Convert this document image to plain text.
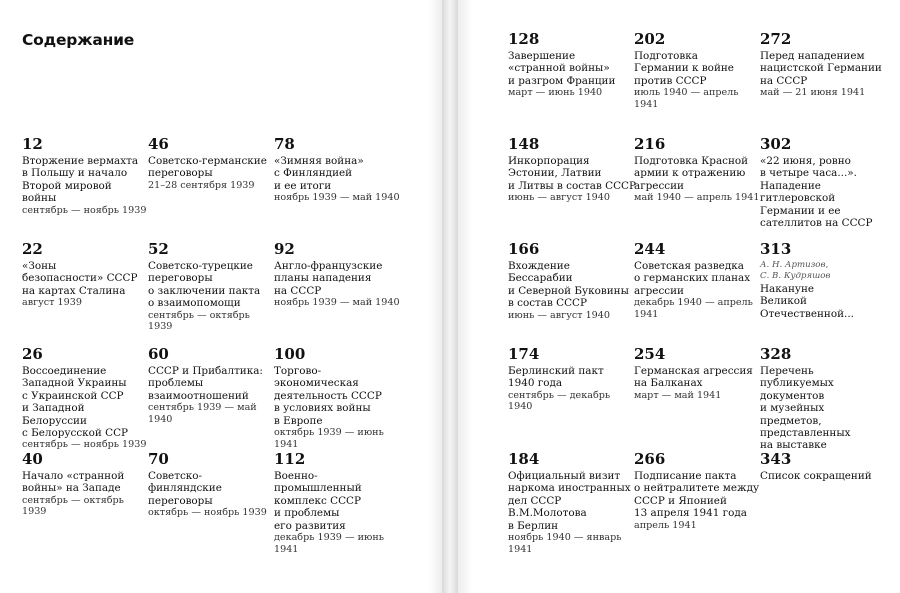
Содержание
12
Вторжение вермахта
в Польшу и начало
Второй мировой
войны
сентябрь — ноябрь 1939
46
Советско-германские
переговоры
21–28 сентября 1939
78
«Зимняя война»
с Финляндией
и ее итоги
ноябрь 1939 — май 1940
22
«Зоны
безопасности» СССР
на картах Сталина
август 1939
52
Советско-турецкие
переговоры
о заключении пакта
о взаимопомощи
сентябрь — октябрь
1939
92
Англо-французские
планы нападения
на СССР
ноябрь 1939 — май 1940
26
Воссоединение
Западной Украины
с Украинской ССР
и Западной Белоруссии
с Белорусской ССР
сентябрь — ноябрь 1939
60
СССР и Прибалтика:
проблемы
взаимоотношений
сентябрь 1939 — май
1940
100
Торгово-
экономическая
деятельность СССР
в условиях войны
в Европе
октябрь 1939 — июнь
1941
40
Начало «странной
войны» на Западе
сентябрь — октябрь
1939
70
Советско-
финляндские
переговоры
октябрь — ноябрь 1939
112
Военно-промышленный
комплекс СССР
и проблемы
его развития
декабрь 1939 — июнь 1941
128
Завершение
«странной войны»
и разгром Франции
март — июнь 1940
202
Подготовка
Германии к войне
против СССР
июль 1940 — апрель 1941
272
Перед нападением
нацистской Германии
на СССР
май — 21 июня 1941
148
Инкорпорация
Эстонии, Латвии
и Литвы в состав СССР
июнь — август 1940
216
Подготовка Красной
армии к отражению
агрессии
май 1940 — апрель 1941
302
«22 июня, ровно
в четыре часа...».
Нападение
гитлеровской
Германии и ее
сателлитов на СССР
166
Вхождение
Бессарабии
и Северной Буковины
в состав СССР
июнь — август 1940
244
Советская разведка
о германских планах
агрессии
декабрь 1940 — апрель
1941
313
А. Н. Артизов,
С. В. Кудряшов
Накануне
Великой
Отечественной...
174
Берлинский пакт
1940 года
сентябрь — декабрь
1940
254
Германская агрессия
на Балканах
март — май 1941
328
Перечень публикуемых
документов
и музейных предметов,
представленных
на выставке
184
Официальный визит
наркома иностранных
дел СССР В.М.Молотова
в Берлин
ноябрь 1940 — январь
1941
266
Подписание пакта
о нейтралитете между
СССР и Японией
13 апреля 1941 года
апрель 1941
343
Список сокращений
